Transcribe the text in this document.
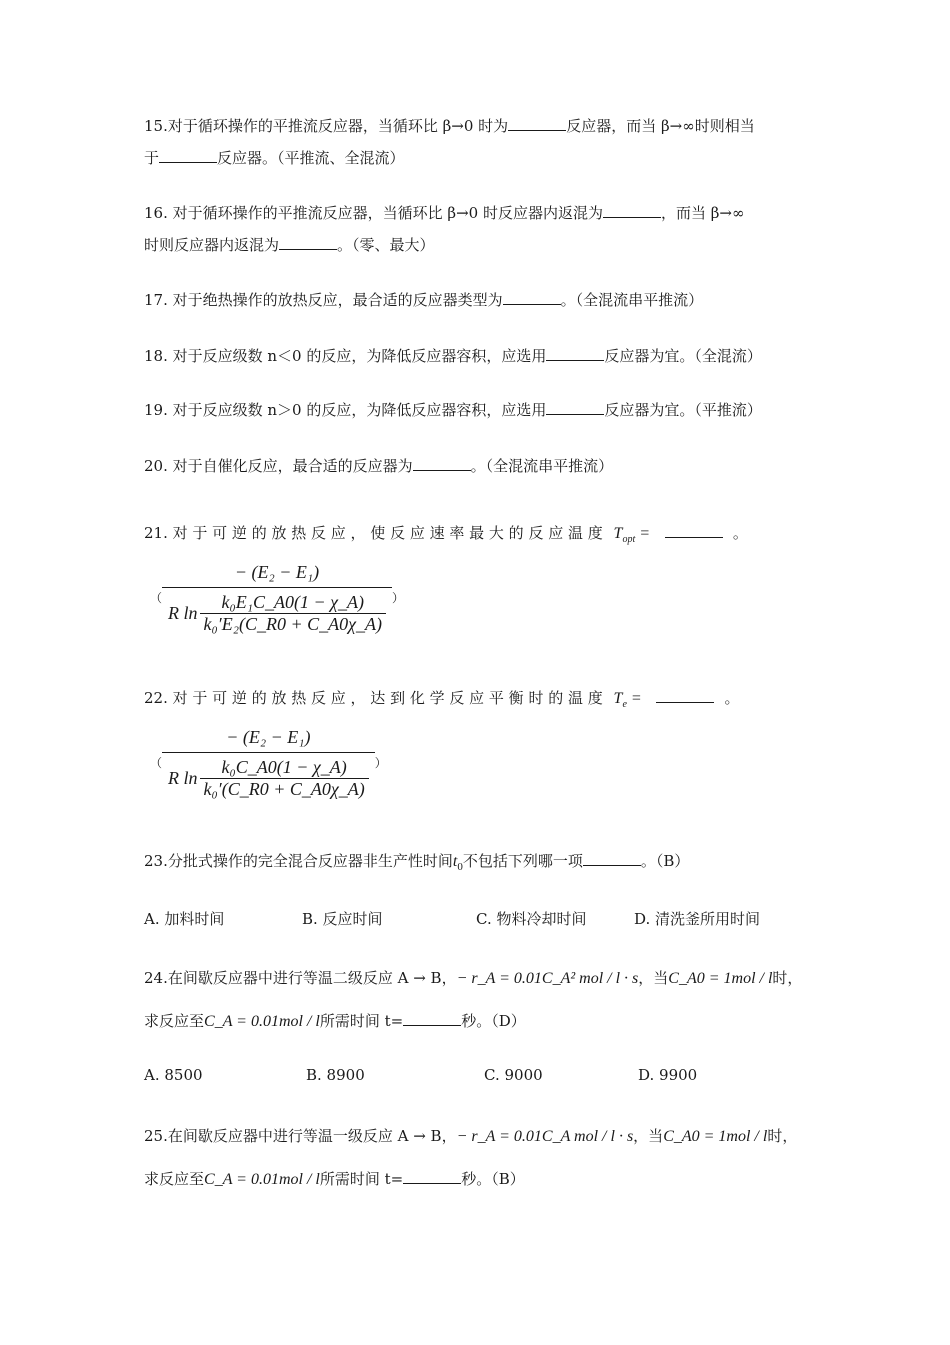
15.对于循环操作的平推流反应器，当循环比 β→0 时为	反应器，而当 β→∞时则相当

于	反应器。（平推流、全混流）

16. 对于循环操作的平推流反应器，当循环比 β→0 时反应器内返混为	，而当 β→∞

时则反应器内返混为	。（零、最大）

17. 对于绝热操作的放热反应，最合适的反应器类型为	。（全混流串平推流）

18. 对于反应级数 n＜0 的反应，为降低反应器容积，应选用	反应器为宜。（全混流）

19. 对于反应级数 n＞0 的反应，为降低反应器容积，应选用	反应器为宜。（平推流）

20. 对于自催化反应，最合适的反应器为	。（全混流串平推流）

21. 对 于 可 逆 的 放 热 反 应 ， 使 反 应 速 率 最 大 的 反 应 温 度 $T_{opt}$ =	。

（
− (E₂ − E₁)
R $\ln \frac{\text{k₀E₁C\_A0(1 − χ\_A)}}{\text{k₀′E₂(C\_R0 + C\_A0χ\_A)}}$ ）

22. 对 于 可 逆 的 放 热 反 应 ， 达 到 化 学 反 应 平 衡 时 的 温 度 $T_e$ =	。

（
− (E₂ − E₁)
R $\ln \frac{\text{k₀C\_A0(1 − χ\_A)}}{\text{k₀′(C\_R0 + C\_A0χ\_A)}}$ ）

23.分批式操作的完全混合反应器非生产性时间$t_0$不包括下列哪一项	。（B）

A. 加料时间	B. 反应时间	C. 物料冷却时间	D. 清洗釜所用时间

24.在间歇反应器中进行等温二级反应 A → B，− r_A = 0.01C_A² mol / l · s，当C_A0 = 1mol / l时，

求反应至C_A = 0.01mol / l所需时间 t=	秒。（D）

A. 8500	B. 8900	C. 9000	D. 9900

25.在间歇反应器中进行等温一级反应 A → B，− r_A = 0.01C_A mol / l · s，当C_A0 = 1mol / l时，

求反应至C_A = 0.01mol / l所需时间 t=	秒。（B）
